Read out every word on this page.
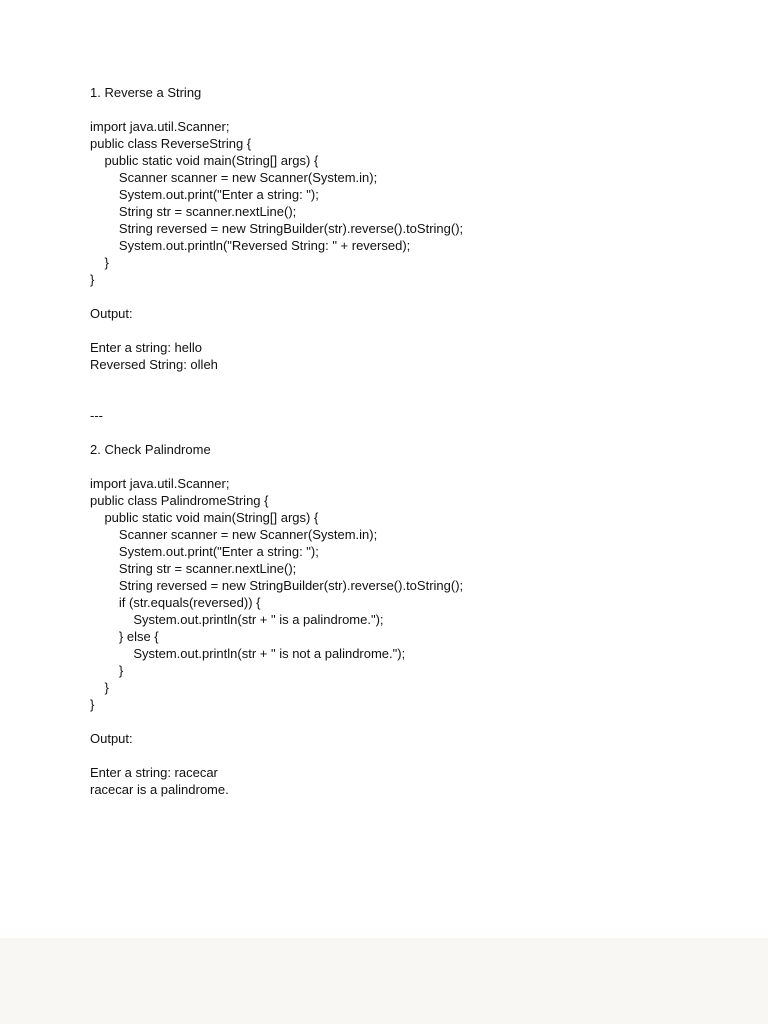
1. Reverse a String
import java.util.Scanner;
public class ReverseString {
public static void main(String[] args) {
Scanner scanner = new Scanner(System.in);
System.out.print("Enter a string: ");
String str = scanner.nextLine();
String reversed = new StringBuilder(str).reverse().toString();
System.out.println("Reversed String: " + reversed);
}
}
Output:
Enter a string: hello
Reversed String: olleh
---
2. Check Palindrome
import java.util.Scanner;
public class PalindromeString {
public static void main(String[] args) {
Scanner scanner = new Scanner(System.in);
System.out.print("Enter a string: ");
String str = scanner.nextLine();
String reversed = new StringBuilder(str).reverse().toString();
if (str.equals(reversed)) {
System.out.println(str + " is a palindrome.");
} else {
System.out.println(str + " is not a palindrome.");
}
}
}
Output:
Enter a string: racecar
racecar is a palindrome.
